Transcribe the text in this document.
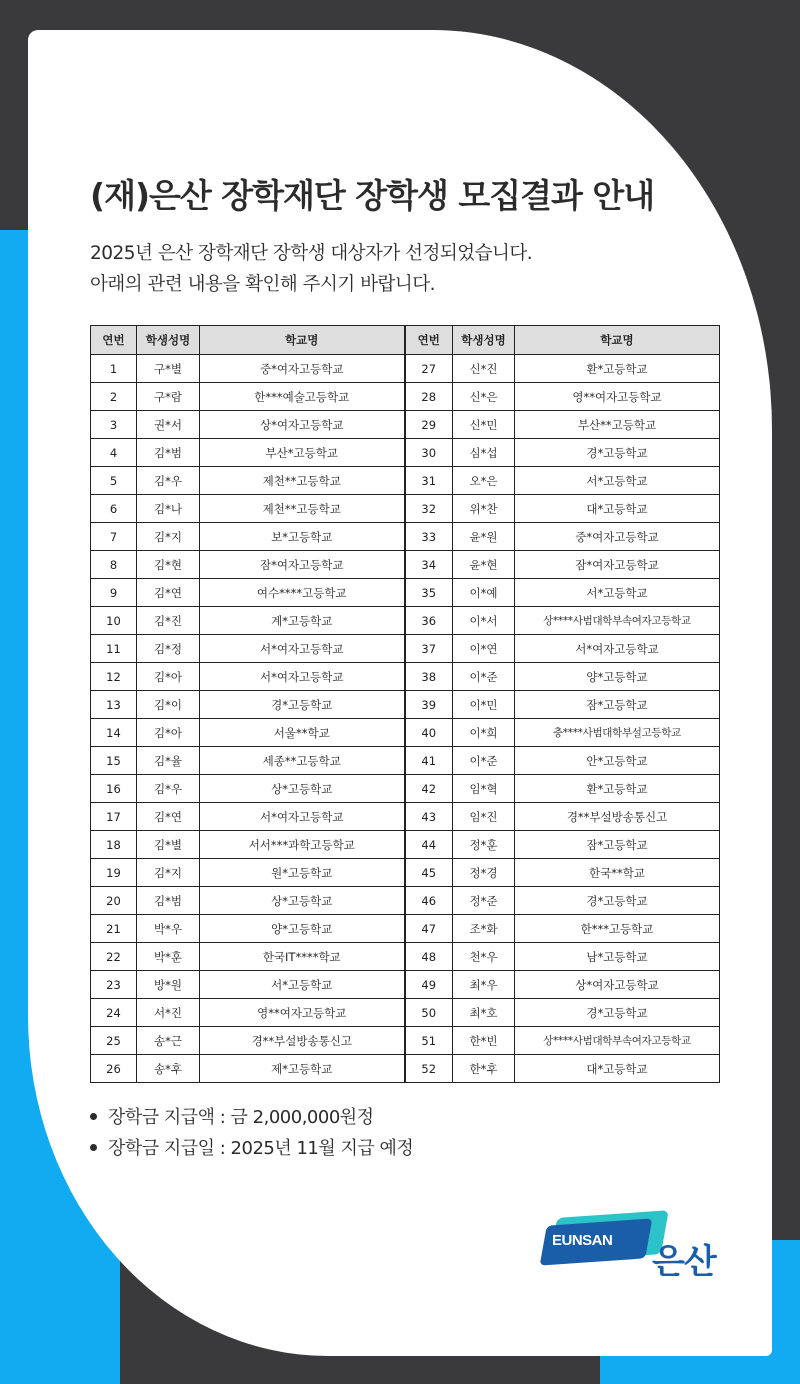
(재)은산 장학재단 장학생 모집결과 안내

2025년 은산 장학재단 장학생 대상자가 선정되었습니다.
아래의 관련 내용을 확인해 주시기 바랍니다.

연번	학생성명	학교명	연번	학생성명	학교명
1	구*별	중*여자고등학교	27	신*진	환*고등학교
2	구*람	한***예술고등학교	28	신*은	영**여자고등학교
3	권*서	상*여자고등학교	29	신*민	부산**고등학교
4	김*범	부산*고등학교	30	심*섭	경*고등학교
5	김*우	제천**고등학교	31	오*은	서*고등학교
6	김*나	제천**고등학교	32	위*찬	대*고등학교
7	김*지	보*고등학교	33	윤*원	중*여자고등학교
8	김*현	잠*여자고등학교	34	윤*현	잠*여자고등학교
9	김*연	여수****고등학교	35	이*예	서*고등학교
10	김*진	계*고등학교	36	이*서	상****사범대학부속여자고등학교
11	김*정	서*여자고등학교	37	이*연	서*여자고등학교
12	김*아	서*여자고등학교	38	이*준	양*고등학교
13	김*이	경*고등학교	39	이*민	잠*고등학교
14	김*아	서울**학교	40	이*희	충****사범대학부설고등학교
15	김*율	세종**고등학교	41	이*준	안*고등학교
16	김*우	상*고등학교	42	임*혁	환*고등학교
17	김*연	서*여자고등학교	43	임*진	경**부설방송통신고
18	김*별	서서***과학고등학교	44	정*훈	잠*고등학교
19	김*지	원*고등학교	45	정*경	한국**학교
20	김*범	상*고등학교	46	정*준	경*고등학교
21	박*우	양*고등학교	47	조*화	한***고등학교
22	박*훈	한국IT****학교	48	천*우	남*고등학교
23	방*원	서*고등학교	49	최*우	상*여자고등학교
24	서*진	영**여자고등학교	50	최*호	경*고등학교
25	송*근	경**부설방송통신고	51	한*빈	상****사범대학부속여자고등학교
26	송*후	제*고등학교	52	한*후	대*고등학교
장학금 지급액 : 금 2,000,000원정
장학금 지급일 : 2025년 11월 지급 예정
EUNSAN
은산
